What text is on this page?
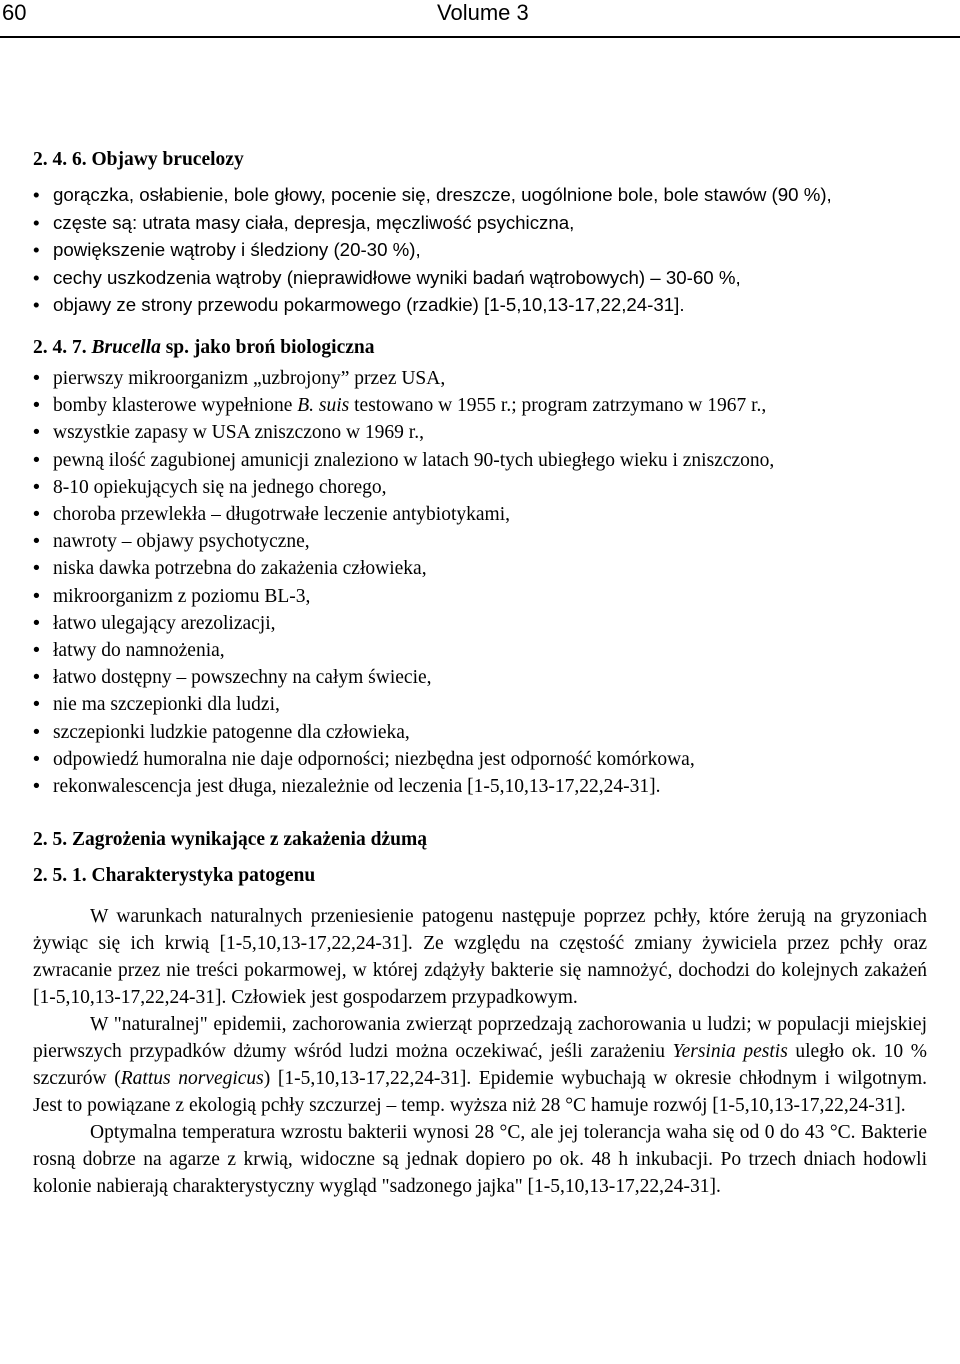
60	Volume 3
2. 4. 6. Objawy brucelozy
• gorączka, osłabienie, bole głowy, pocenie się, dreszcze, uogólnione bole, bole stawów (90 %),
• częste są: utrata masy ciała, depresja, męczliwość psychiczna,
• powiększenie wątroby i śledziony (20-30 %),
• cechy uszkodzenia wątroby (nieprawidłowe wyniki badań wątrobowych) – 30-60 %,
• objawy ze strony przewodu pokarmowego (rzadkie) [1-5,10,13-17,22,24-31].
2. 4. 7. Brucella sp. jako broń biologiczna
• pierwszy mikroorganizm „uzbrojony” przez USA,
• bomby klasterowe wypełnione B. suis testowano w 1955 r.; program zatrzymano w 1967 r.,
• wszystkie zapasy w USA zniszczono w 1969 r.,
• pewną ilość zagubionej amunicji znaleziono w latach 90-tych ubiegłego wieku i zniszczono,
• 8-10 opiekujących się na jednego chorego,
• choroba przewlekła – długotrwałe leczenie antybiotykami,
• nawroty – objawy psychotyczne,
• niska dawka potrzebna do zakażenia człowieka,
• mikroorganizm z poziomu BL-3,
• łatwo ulegający arezolizacji,
• łatwy do namnożenia,
• łatwo dostępny – powszechny na całym świecie,
• nie ma szczepionki dla ludzi,
• szczepionki ludzkie patogenne dla człowieka,
• odpowiedź humoralna nie daje odporności; niezbędna jest odporność komórkowa,
• rekonwalescencja jest długa, niezależnie od leczenia [1-5,10,13-17,22,24-31].
2. 5. Zagrożenia wynikające z zakażenia dżumą
2. 5. 1. Charakterystyka patogenu

W warunkach naturalnych przeniesienie patogenu następuje poprzez pchły, które żerują na gryzoniach żywiąc się ich krwią [1-5,10,13-17,22,24-31]. Ze względu na częstość zmiany żywiciela przez pchły oraz zwracanie przez nie treści pokarmowej, w której zdążyły bakterie się namnożyć, dochodzi do kolejnych zakażeń [1-5,10,13-17,22,24-31]. Człowiek jest gospodarzem przypadkowym.

W "naturalnej" epidemii, zachorowania zwierząt poprzedzają zachorowania u ludzi; w populacji miejskiej pierwszych przypadków dżumy wśród ludzi można oczekiwać, jeśli zarażeniu Yersinia pestis uległo ok. 10 % szczurów (Rattus norvegicus) [1-5,10,13-17,22,24-31]. Epidemie wybuchają w okresie chłodnym i wilgotnym. Jest to powiązane z ekologią pchły szczurzej – temp. wyższa niż 28 °C hamuje rozwój [1-5,10,13-17,22,24-31].

Optymalna temperatura wzrostu bakterii wynosi 28 °C, ale jej tolerancja waha się od 0 do 43 °C. Bakterie rosną dobrze na agarze z krwią, widoczne są jednak dopiero po ok. 48 h inkubacji. Po trzech dniach hodowli kolonie nabierają charakterystyczny wygląd "sadzonego jajka" [1-5,10,13-17,22,24-31].
